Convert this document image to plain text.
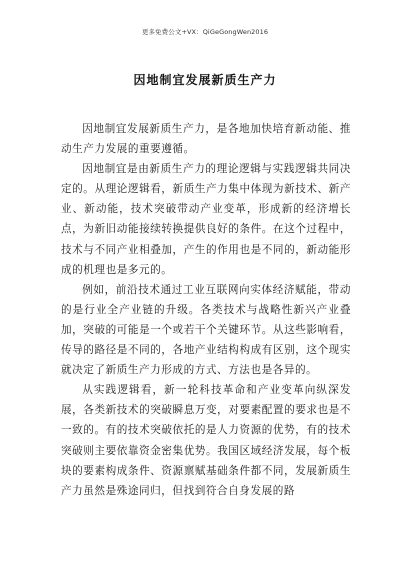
更多免费公文+VX：QiGeGongWen2016
因地制宜发展新质生产力

因地制宜发展新质生产力，是各地加快培育新动能、推动生产力发展的重要遵循。

因地制宜是由新质生产力的理论逻辑与实践逻辑共同决定的。从理论逻辑看，新质生产力集中体现为新技术、新产业、新动能，技术突破带动产业变革，形成新的经济增长点，为新旧动能接续转换提供良好的条件。在这个过程中，技术与不同产业相叠加，产生的作用也是不同的，新动能形成的机理也是多元的。

例如，前沿技术通过工业互联网向实体经济赋能，带动的是行业全产业链的升级。各类技术与战略性新兴产业叠加，突破的可能是一个或若干个关键环节。从这些影响看，传导的路径是不同的，各地产业结构构成有区别，这个现实就决定了新质生产力形成的方式、方法也是各异的。

从实践逻辑看，新一轮科技革命和产业变革向纵深发展，各类新技术的突破瞬息万变，对要素配置的要求也是不一致的。有的技术突破依托的是人力资源的优势，有的技术突破则主要依靠资金密集优势。我国区域经济发展，每个板块的要素构成条件、资源禀赋基础条件都不同，发展新质生产力虽然是殊途同归，但找到符合自身发展的路
